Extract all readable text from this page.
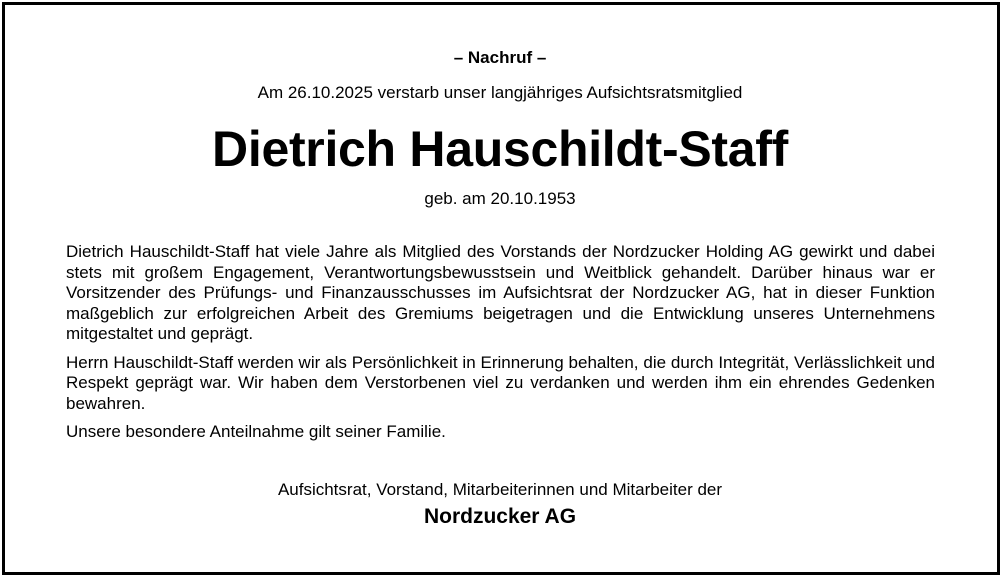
– Nachruf –
Am 26.10.2025 verstarb unser langjähriges Aufsichtsratsmitglied
Dietrich Hauschildt-Staff
geb. am 20.10.1953
Dietrich Hauschildt-Staff hat viele Jahre als Mitglied des Vorstands der Nordzucker Holding AG gewirkt und dabei
stets mit großem Engagement, Verantwortungsbewusstsein und Weitblick gehandelt. Darüber hinaus war er
Vorsitzender des Prüfungs- und Finanzausschusses im Aufsichtsrat der Nordzucker AG, hat in dieser Funktion
maßgeblich zur erfolgreichen Arbeit des Gremiums beigetragen und die Entwicklung unseres Unternehmens
mitgestaltet und geprägt.
Herrn Hauschildt-Staff werden wir als Persönlichkeit in Erinnerung behalten, die durch Integrität, Verlässlichkeit und
Respekt geprägt war. Wir haben dem Verstorbenen viel zu verdanken und werden ihm ein ehrendes Gedenken
bewahren.
Unsere besondere Anteilnahme gilt seiner Familie.
Aufsichtsrat, Vorstand, Mitarbeiterinnen und Mitarbeiter der
Nordzucker AG
